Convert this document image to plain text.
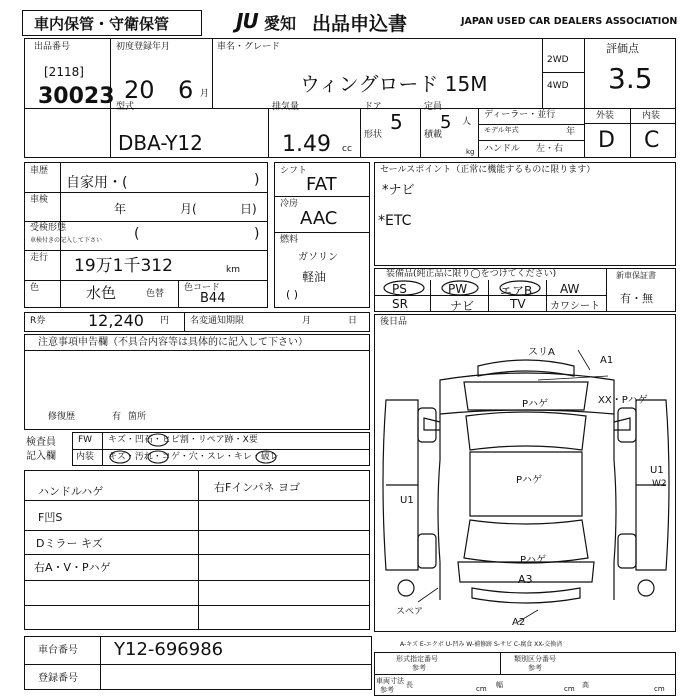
車内保管・守衛保管	JU 愛知 出品申込書	JAPAN USED CAR DEALERS ASSOCIATION
出品番号
[2118]
30023
初度登録年月
20 6 月
車名・グレード
ウィングロード 15M
2WD
4WD
評価点
3.5
型式
DBA-Y12
排気量
1.49 cc
ドア
5
定員
5 人
形状	積載
kg
ディーラー・並行
モデル年式	年
ハンドル 左・右
外装	内装
D C
車歴
自家用・(	)
車検
年	月(	日)
受検形態
車検付きの記入して下さい (	)
走行 19万1千312	km
色	水色	色替
色コード
B44
シフト
FAT
冷房
AAC
燃料
ガソリン
軽油
( )
セールスポイント（正常に機能するものに限ります）
*ナビ
*ETC
装備品(純正品に限り◯をつけてください)
PS	PW	エアB AW
SR	ナビ	TV カワシート
新車保証書
有・無
R券	12,240 円 名変通知期限	月	日	後日品
注意事項申告欄（不具合内容等は具体的に記入して下さい）
修復歴	有 箇所
検査員
記入欄
FW キズ・凹石・ヒビ割・リペア跡・X要
内装 キズ・汚れ・コゲ・穴・スレ・キレ・破レ
ハンドルハゲ	右Fインパネ ヨゴ
F凹S
Dミラー キズ
右A・V・Pハゲ
スリA
A1
Pハゲ	XX・Pハゲ
Pハゲ
U1
W2
U1
Pハゲ
A3
スペア
A2
A-キズ E-エクボ U-凹み W-補修跡 S-サビ C-腐食 XX-交換済
車台番号 Y12-696986
登録番号
形式指定番号
参考
類別区分番号
参考
車両寸法
参考
長	cm 幅	cm 高	cm
